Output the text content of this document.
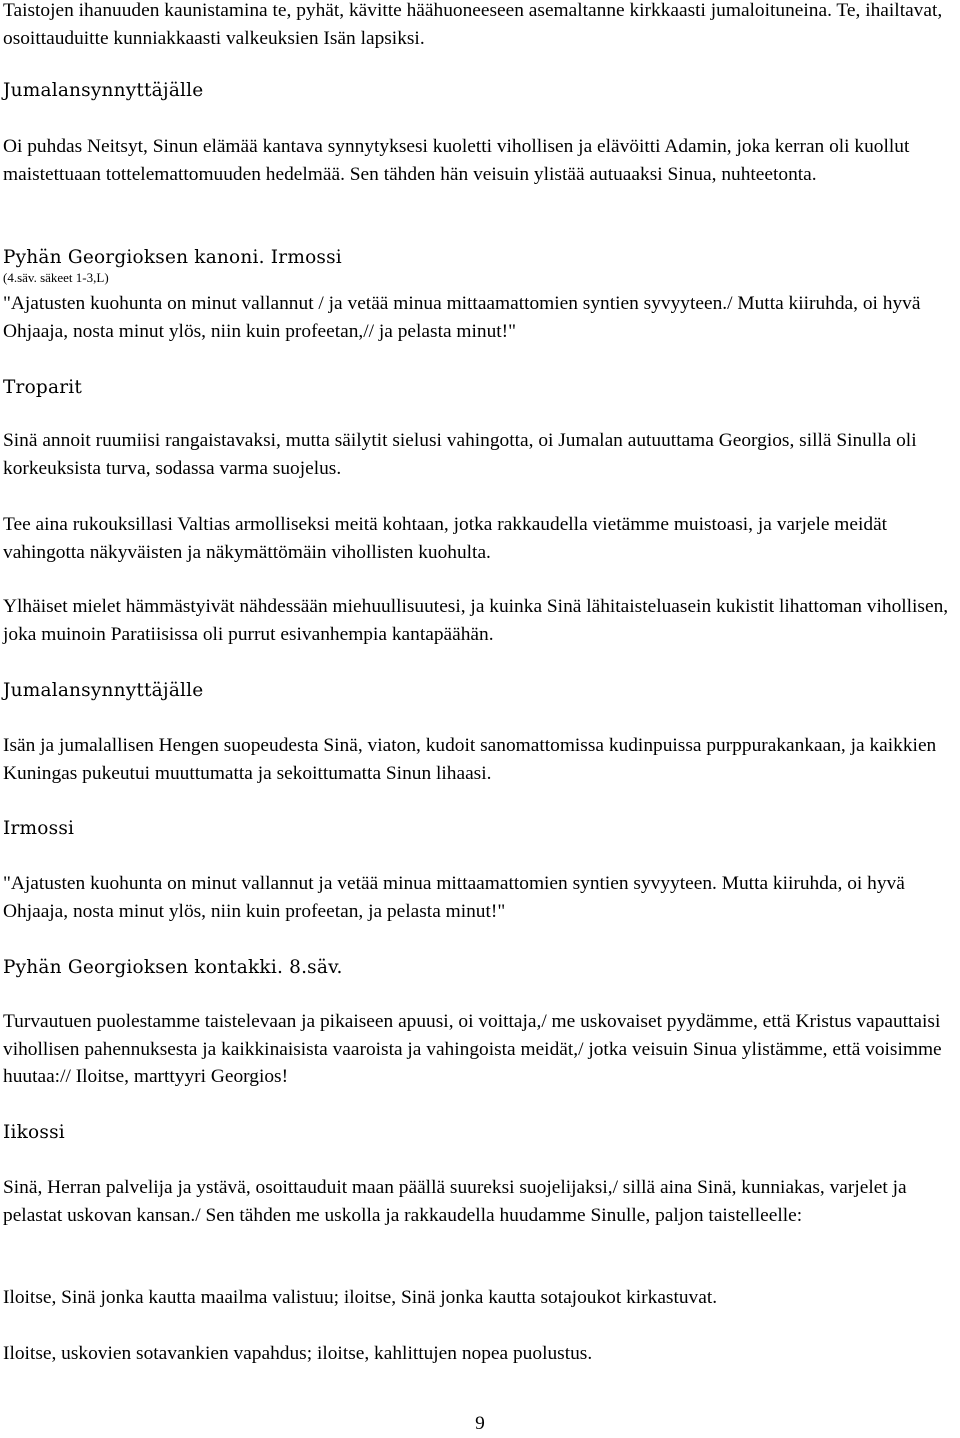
Taistojen ihanuuden kaunistamina te, pyhät, kävitte häähuoneeseen asemaltanne kirkkaasti jumaloituneina. Te, ihailtavat, osoittauduitte kunniakkaasti valkeuksien Isän lapsiksi.

Jumalansynnyttäjälle

Oi puhdas Neitsyt, Sinun elämää kantava synnytyksesi kuoletti vihollisen ja elävöitti Adamin, joka kerran oli kuollut maistettuaan tottelemattomuuden hedelmää. Sen tähden hän veisuin ylistää autuaaksi Sinua, nuhteetonta.

Pyhän Georgioksen kanoni. Irmossi

(4.säv. säkeet 1-3,L)

"Ajatusten kuohunta on minut vallannut / ja vetää minua mittaamattomien syntien syvyyteen./ Mutta kiiruhda, oi hyvä Ohjaaja, nosta minut ylös, niin kuin profeetan,// ja pelasta minut!"

Troparit

Sinä annoit ruumiisi rangaistavaksi, mutta säilytit sielusi vahingotta, oi Jumalan autuuttama Georgios, sillä Sinulla oli korkeuksista turva, sodassa varma suojelus.

Tee aina rukouksillasi Valtias armolliseksi meitä kohtaan, jotka rakkaudella vietämme muistoasi, ja varjele meidät vahingotta näkyväisten ja näkymättömäin vihollisten kuohulta.

Ylhäiset mielet hämmästyivät nähdessään miehuullisuutesi, ja kuinka Sinä lähitaisteluasein kukistit lihattoman vihollisen, joka muinoin Paratiisissa oli purrut esivanhempia kantapäähän.

Jumalansynnyttäjälle

Isän ja jumalallisen Hengen suopeudesta Sinä, viaton, kudoit sanomattomissa kudinpuissa purppurakankaan, ja kaikkien Kuningas pukeutui muuttumatta ja sekoittumatta Sinun lihaasi.

Irmossi

"Ajatusten kuohunta on minut vallannut ja vetää minua mittaamattomien syntien syvyyteen. Mutta kiiruhda, oi hyvä Ohjaaja, nosta minut ylös, niin kuin profeetan, ja pelasta minut!"

Pyhän Georgioksen kontakki. 8.säv.

Turvautuen puolestamme taistelevaan ja pikaiseen apuusi, oi voittaja,/ me uskovaiset pyydämme, että Kristus vapauttaisi vihollisen pahennuksesta ja kaikkinaisista vaaroista ja vahingoista meidät,/ jotka veisuin Sinua ylistämme, että voisimme huutaa:// Iloitse, marttyyri Georgios!

Iikossi

Sinä, Herran palvelija ja ystävä, osoittauduit maan päällä suureksi suojelijaksi,/ sillä aina Sinä, kunniakas, varjelet ja pelastat uskovan kansan./ Sen tähden me uskolla ja rakkaudella huudamme Sinulle, paljon taistelleelle:

Iloitse, Sinä jonka kautta maailma valistuu; iloitse, Sinä jonka kautta sotajoukot kirkastuvat.

Iloitse, uskovien sotavankien vapahdus; iloitse, kahlittujen nopea puolustus.

9
